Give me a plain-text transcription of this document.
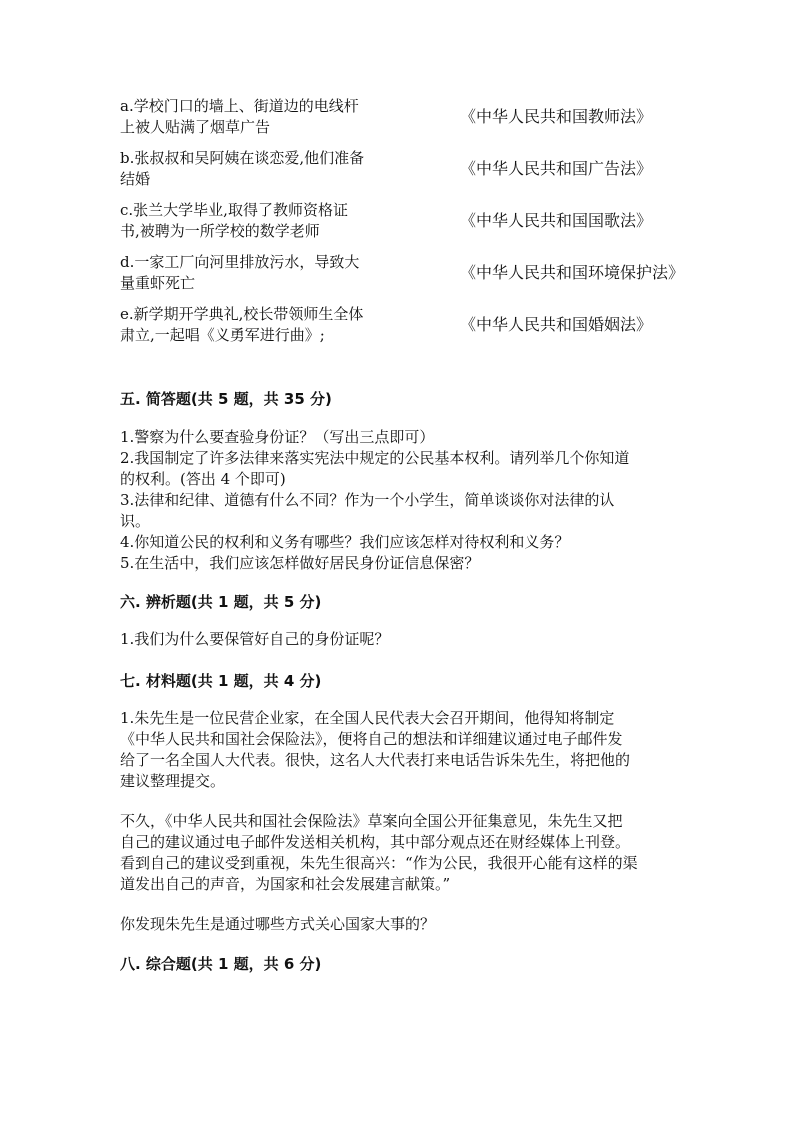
a.学校门口的墙上、街道边的电线杆
上被人贴满了烟草广告
《中华人民共和国教师法》
b.张叔叔和吴阿姨在谈恋爱,他们准备
结婚
《中华人民共和国广告法》
c.张兰大学毕业,取得了教师资格证
书,被聘为一所学校的数学老师
《中华人民共和国国歌法》
d.一家工厂向河里排放污水，导致大
量重虾死亡
《中华人民共和国环境保护法》
e.新学期开学典礼,校长带领师生全体
肃立,一起唱《义勇军进行曲》;
《中华人民共和国婚姻法》
五. 简答题(共 5 题，共 35 分)
1.警察为什么要查验身份证？（写出三点即可）
2.我国制定了许多法律来落实宪法中规定的公民基本权利。请列举几个你知道
的权利。(答出 4 个即可)
3.法律和纪律、道德有什么不同？作为一个小学生，简单谈谈你对法律的认
识。
4.你知道公民的权利和义务有哪些？我们应该怎样对待权利和义务？
5.在生活中，我们应该怎样做好居民身份证信息保密？
六. 辨析题(共 1 题，共 5 分)
1.我们为什么要保管好自己的身份证呢？
七. 材料题(共 1 题，共 4 分)
1.朱先生是一位民营企业家，在全国人民代表大会召开期间，他得知将制定
《中华人民共和国社会保险法》，便将自己的想法和详细建议通过电子邮件发
给了一名全国人大代表。很快，这名人大代表打来电话告诉朱先生，将把他的
建议整理提交。
不久，《中华人民共和国社会保险法》草案向全国公开征集意见，朱先生又把
自己的建议通过电子邮件发送相关机构，其中部分观点还在财经媒体上刊登。
看到自己的建议受到重视，朱先生很高兴：“作为公民，我很开心能有这样的渠
道发出自己的声音，为国家和社会发展建言献策。”
你发现朱先生是通过哪些方式关心国家大事的？
八. 综合题(共 1 题，共 6 分)
